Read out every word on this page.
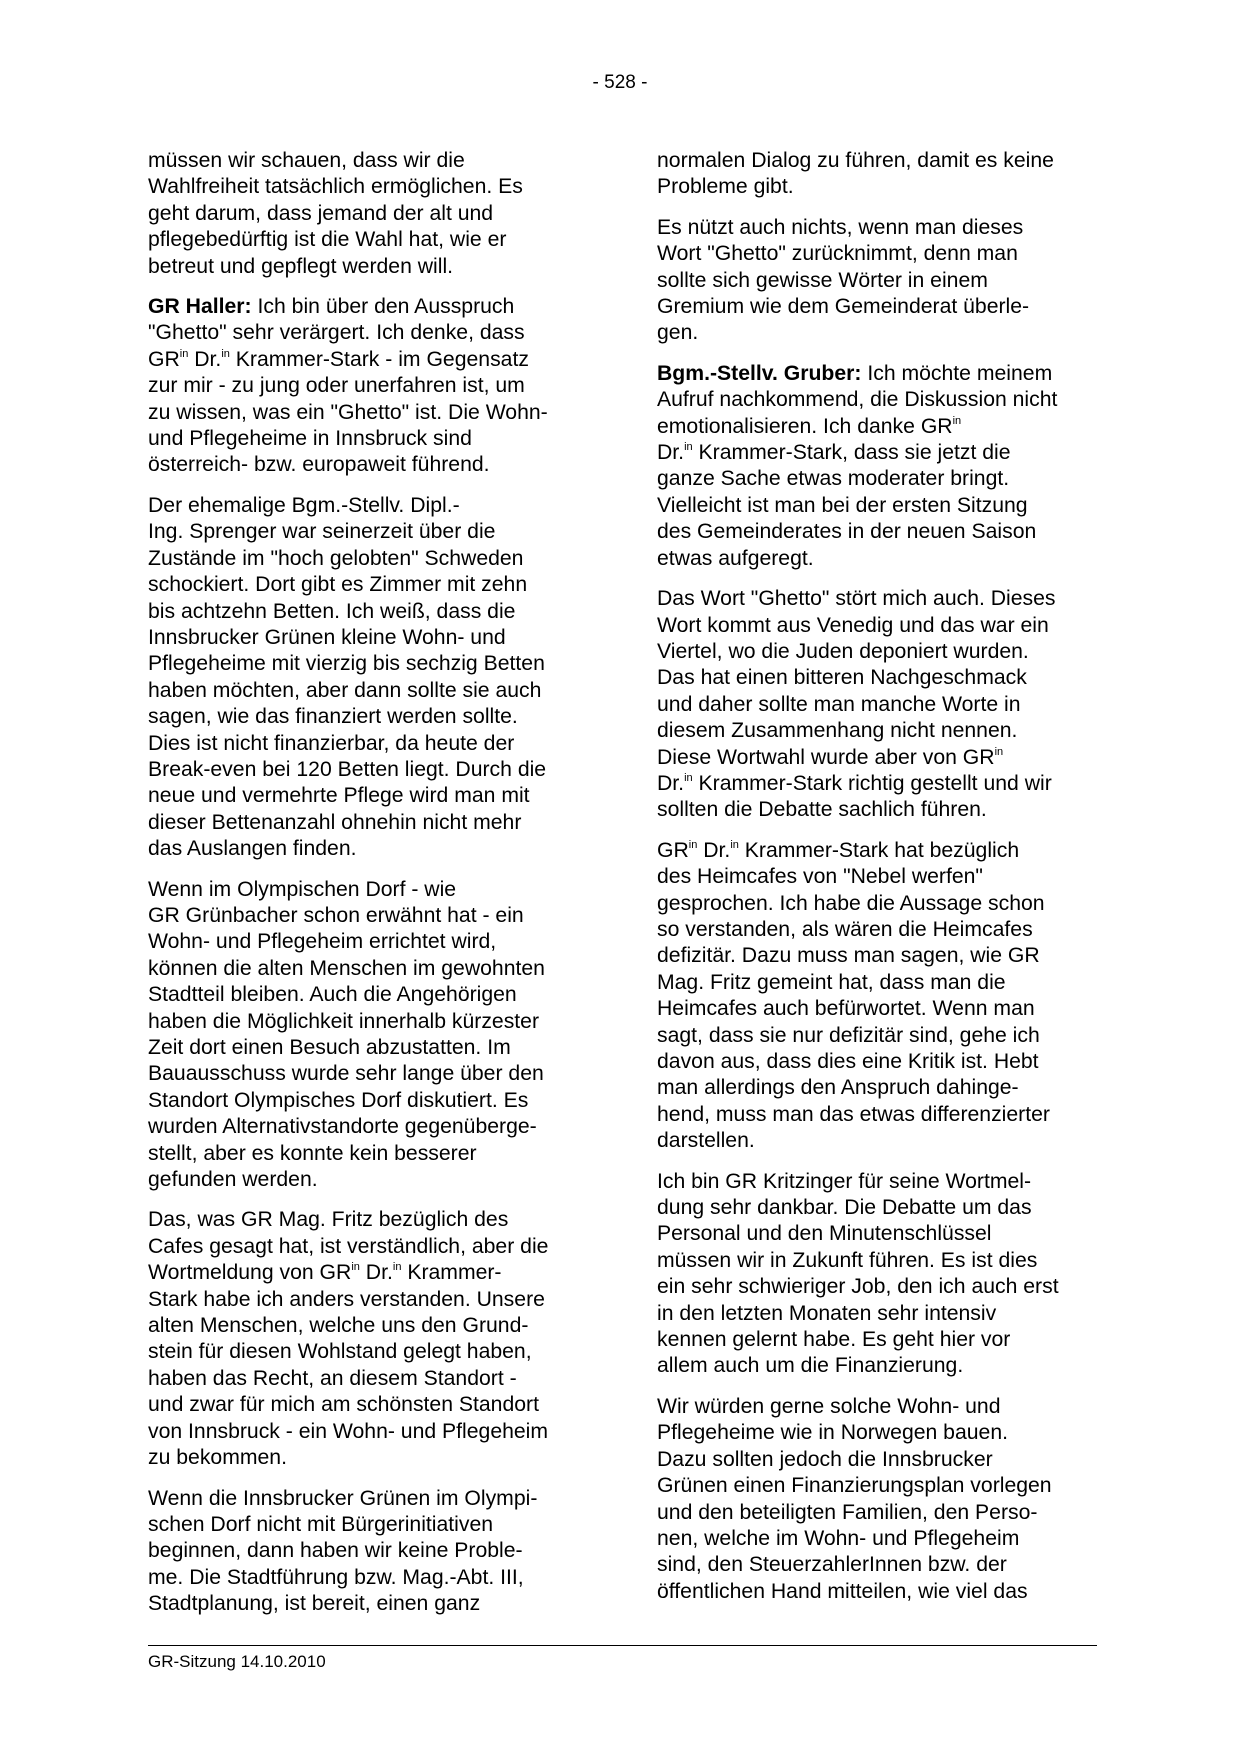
- 528 -

müssen wir schauen, dass wir die
Wahlfreiheit tatsächlich ermöglichen. Es
geht darum, dass jemand der alt und
pflegebedürftig ist die Wahl hat, wie er
betreut und gepflegt werden will.

GR Haller: Ich bin über den Ausspruch
"Ghetto" sehr verärgert. Ich denke, dass
$GR^{in}$ Dr.$^{in}$ Krammer-Stark - im Gegensatz
zur mir - zu jung oder unerfahren ist, um
zu wissen, was ein "Ghetto" ist. Die Wohn-
und Pflegeheime in Innsbruck sind
österreich- bzw. europaweit führend.

Der ehemalige Bgm.-Stellv. Dipl.-
Ing. Sprenger war seinerzeit über die
Zustände im "hoch gelobten" Schweden
schockiert. Dort gibt es Zimmer mit zehn
bis achtzehn Betten. Ich weiß, dass die
Innsbrucker Grünen kleine Wohn- und
Pflegeheime mit vierzig bis sechzig Betten
haben möchten, aber dann sollte sie auch
sagen, wie das finanziert werden sollte.
Dies ist nicht finanzierbar, da heute der
Break-even bei 120 Betten liegt. Durch die
neue und vermehrte Pflege wird man mit
dieser Bettenanzahl ohnehin nicht mehr
das Auslangen finden.

Wenn im Olympischen Dorf - wie
GR Grünbacher schon erwähnt hat - ein
Wohn- und Pflegeheim errichtet wird,
können die alten Menschen im gewohnten
Stadtteil bleiben. Auch die Angehörigen
haben die Möglichkeit innerhalb kürzester
Zeit dort einen Besuch abzustatten. Im
Bauausschuss wurde sehr lange über den
Standort Olympisches Dorf diskutiert. Es
wurden Alternativstandorte gegenüberge-
stellt, aber es konnte kein besserer
gefunden werden.

Das, was GR Mag. Fritz bezüglich des
Cafes gesagt hat, ist verständlich, aber die
Wortmeldung von $GR^{in}$ Dr.$^{in}$ Krammer-
Stark habe ich anders verstanden. Unsere
alten Menschen, welche uns den Grund-
stein für diesen Wohlstand gelegt haben,
haben das Recht, an diesem Standort -
und zwar für mich am schönsten Standort
von Innsbruck - ein Wohn- und Pflegeheim
zu bekommen.

Wenn die Innsbrucker Grünen im Olympi-
schen Dorf nicht mit Bürgerinitiativen
beginnen, dann haben wir keine Proble-
me. Die Stadtführung bzw. Mag.-Abt. III,
Stadtplanung, ist bereit, einen ganz

normalen Dialog zu führen, damit es keine
Probleme gibt.

Es nützt auch nichts, wenn man dieses
Wort "Ghetto" zurücknimmt, denn man
sollte sich gewisse Wörter in einem
Gremium wie dem Gemeinderat überle-
gen.

Bgm.-Stellv. Gruber: Ich möchte meinem
Aufruf nachkommend, die Diskussion nicht
emotionalisieren. Ich danke $GR^{in}$
Dr.$^{in}$ Krammer-Stark, dass sie jetzt die
ganze Sache etwas moderater bringt.
Vielleicht ist man bei der ersten Sitzung
des Gemeinderates in der neuen Saison
etwas aufgeregt.

Das Wort "Ghetto" stört mich auch. Dieses
Wort kommt aus Venedig und das war ein
Viertel, wo die Juden deponiert wurden.
Das hat einen bitteren Nachgeschmack
und daher sollte man manche Worte in
diesem Zusammenhang nicht nennen.
Diese Wortwahl wurde aber von $GR^{in}$
Dr.$^{in}$ Krammer-Stark richtig gestellt und wir
sollten die Debatte sachlich führen.

$GR^{in}$ Dr.$^{in}$ Krammer-Stark hat bezüglich
des Heimcafes von "Nebel werfen"
gesprochen. Ich habe die Aussage schon
so verstanden, als wären die Heimcafes
defizitär. Dazu muss man sagen, wie GR
Mag. Fritz gemeint hat, dass man die
Heimcafes auch befürwortet. Wenn man
sagt, dass sie nur defizitär sind, gehe ich
davon aus, dass dies eine Kritik ist. Hebt
man allerdings den Anspruch dahinge-
hend, muss man das etwas differenzierter
darstellen.

Ich bin GR Kritzinger für seine Wortmel-
dung sehr dankbar. Die Debatte um das
Personal und den Minutenschlüssel
müssen wir in Zukunft führen. Es ist dies
ein sehr schwieriger Job, den ich auch erst
in den letzten Monaten sehr intensiv
kennen gelernt habe. Es geht hier vor
allem auch um die Finanzierung.

Wir würden gerne solche Wohn- und
Pflegeheime wie in Norwegen bauen.
Dazu sollten jedoch die Innsbrucker
Grünen einen Finanzierungsplan vorlegen
und den beteiligten Familien, den Perso-
nen, welche im Wohn- und Pflegeheim
sind, den SteuerzahlerInnen bzw. der
öffentlichen Hand mitteilen, wie viel das

GR-Sitzung 14.10.2010
